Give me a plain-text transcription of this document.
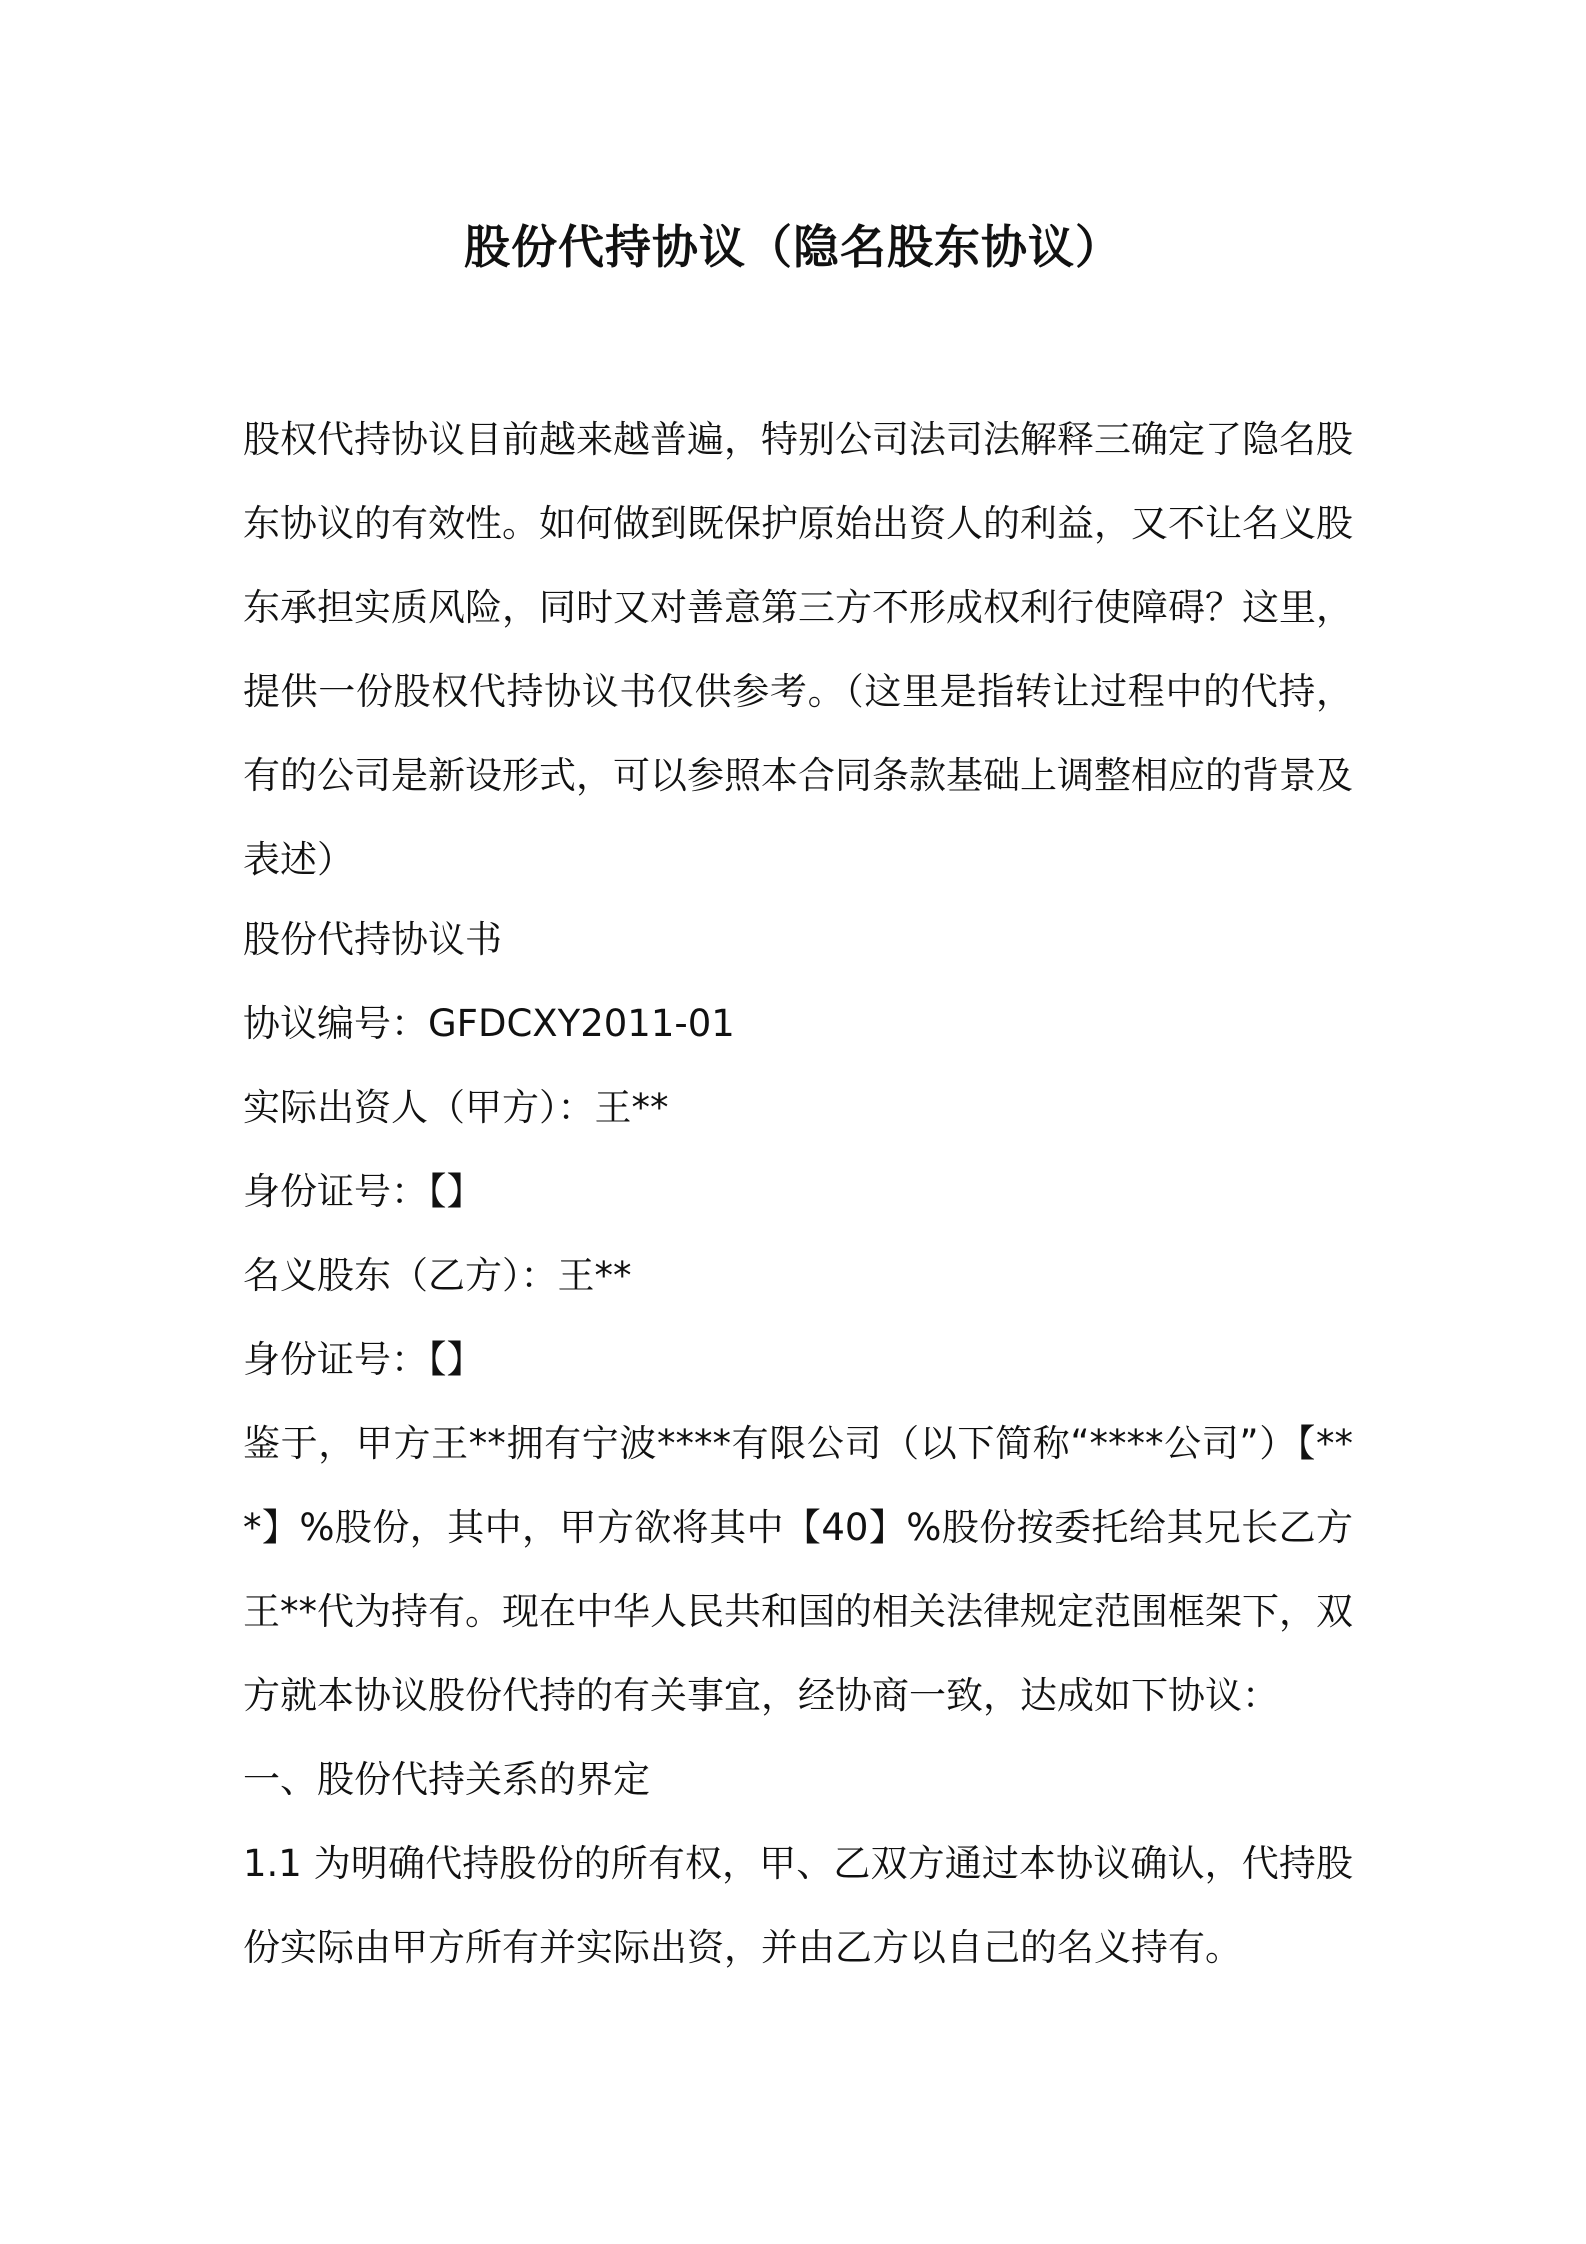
股份代持协议（隐名股东协议）

股权代持协议目前越来越普遍，特别公司法司法解释三确定了隐名股东协议的有效性。如何做到既保护原始出资人的利益，又不让名义股东承担实质风险，同时又对善意第三方不形成权利行使障碍？这里，提供一份股权代持协议书仅供参考。（这里是指转让过程中的代持，有的公司是新设形式，可以参照本合同条款基础上调整相应的背景及表述）

股份代持协议书

协议编号：GFDCXY2011-01

实际出资人（甲方）：王**

身份证号：【】

名义股东（乙方）：王**

身份证号：【】

鉴于，甲方王**拥有宁波****有限公司（以下简称“****公司”）【***】%股份，其中，甲方欲将其中【40】%股份按委托给其兄长乙方王**代为持有。现在中华人民共和国的相关法律规定范围框架下，双方就本协议股份代持的有关事宜，经协商一致，达成如下协议：

一、股份代持关系的界定

1.1 为明确代持股份的所有权，甲、乙双方通过本协议确认，代持股份实际由甲方所有并实际出资，并由乙方以自己的名义持有。
